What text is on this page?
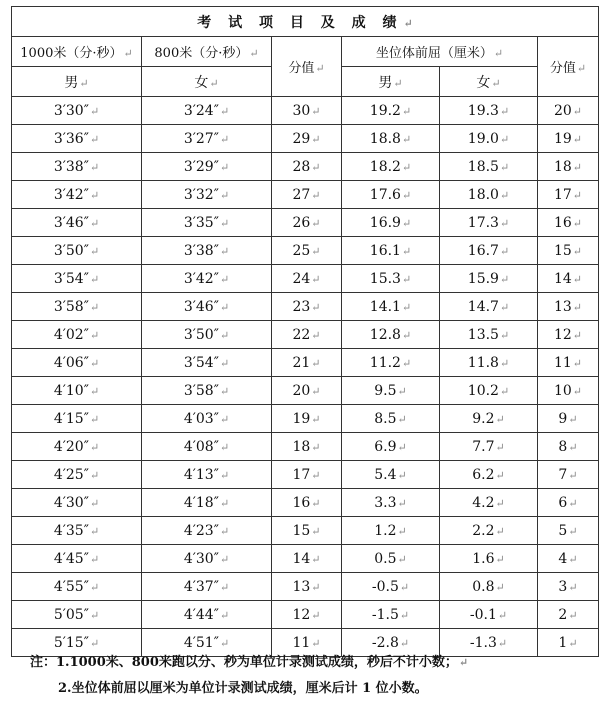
考 试 项 目 及 成 绩↵					
1000米（分·秒）↵	800米（分·秒）↵	分值↵	坐位体前屈（厘米）↵		分值↵
男↵	女↵		男↵	女↵	
3′30″↵	3′24″↵	30↵	19.2↵	19.3↵	20↵
3′36″↵	3′27″↵	29↵	18.8↵	19.0↵	19↵
3′38″↵	3′29″↵	28↵	18.2↵	18.5↵	18↵
3′42″↵	3′32″↵	27↵	17.6↵	18.0↵	17↵
3′46″↵	3′35″↵	26↵	16.9↵	17.3↵	16↵
3′50″↵	3′38″↵	25↵	16.1↵	16.7↵	15↵
3′54″↵	3′42″↵	24↵	15.3↵	15.9↵	14↵
3′58″↵	3′46″↵	23↵	14.1↵	14.7↵	13↵
4′02″↵	3′50″↵	22↵	12.8↵	13.5↵	12↵
4′06″↵	3′54″↵	21↵	11.2↵	11.8↵	11↵
4′10″↵	3′58″↵	20↵	9.5↵	10.2↵	10↵
4′15″↵	4′03″↵	19↵	8.5↵	9.2↵	9↵
4′20″↵	4′08″↵	18↵	6.9↵	7.7↵	8↵
4′25″↵	4′13″↵	17↵	5.4↵	6.2↵	7↵
4′30″↵	4′18″↵	16↵	3.3↵	4.2↵	6↵
4′35″↵	4′23″↵	15↵	1.2↵	2.2↵	5↵
4′45″↵	4′30″↵	14↵	0.5↵	1.6↵	4↵
4′55″↵	4′37″↵	13↵	-0.5↵	0.8↵	3↵
5′05″↵	4′44″↵	12↵	-1.5↵	-0.1↵	2↵
5′15″↵	4′51″↵	11↵	-2.8↵	-1.3↵	1↵
注：1.1000米、800米跑以分、秒为单位计录测试成绩，秒后不计小数；↵
2.坐位体前屈以厘米为单位计录测试成绩，厘米后计 1 位小数。
